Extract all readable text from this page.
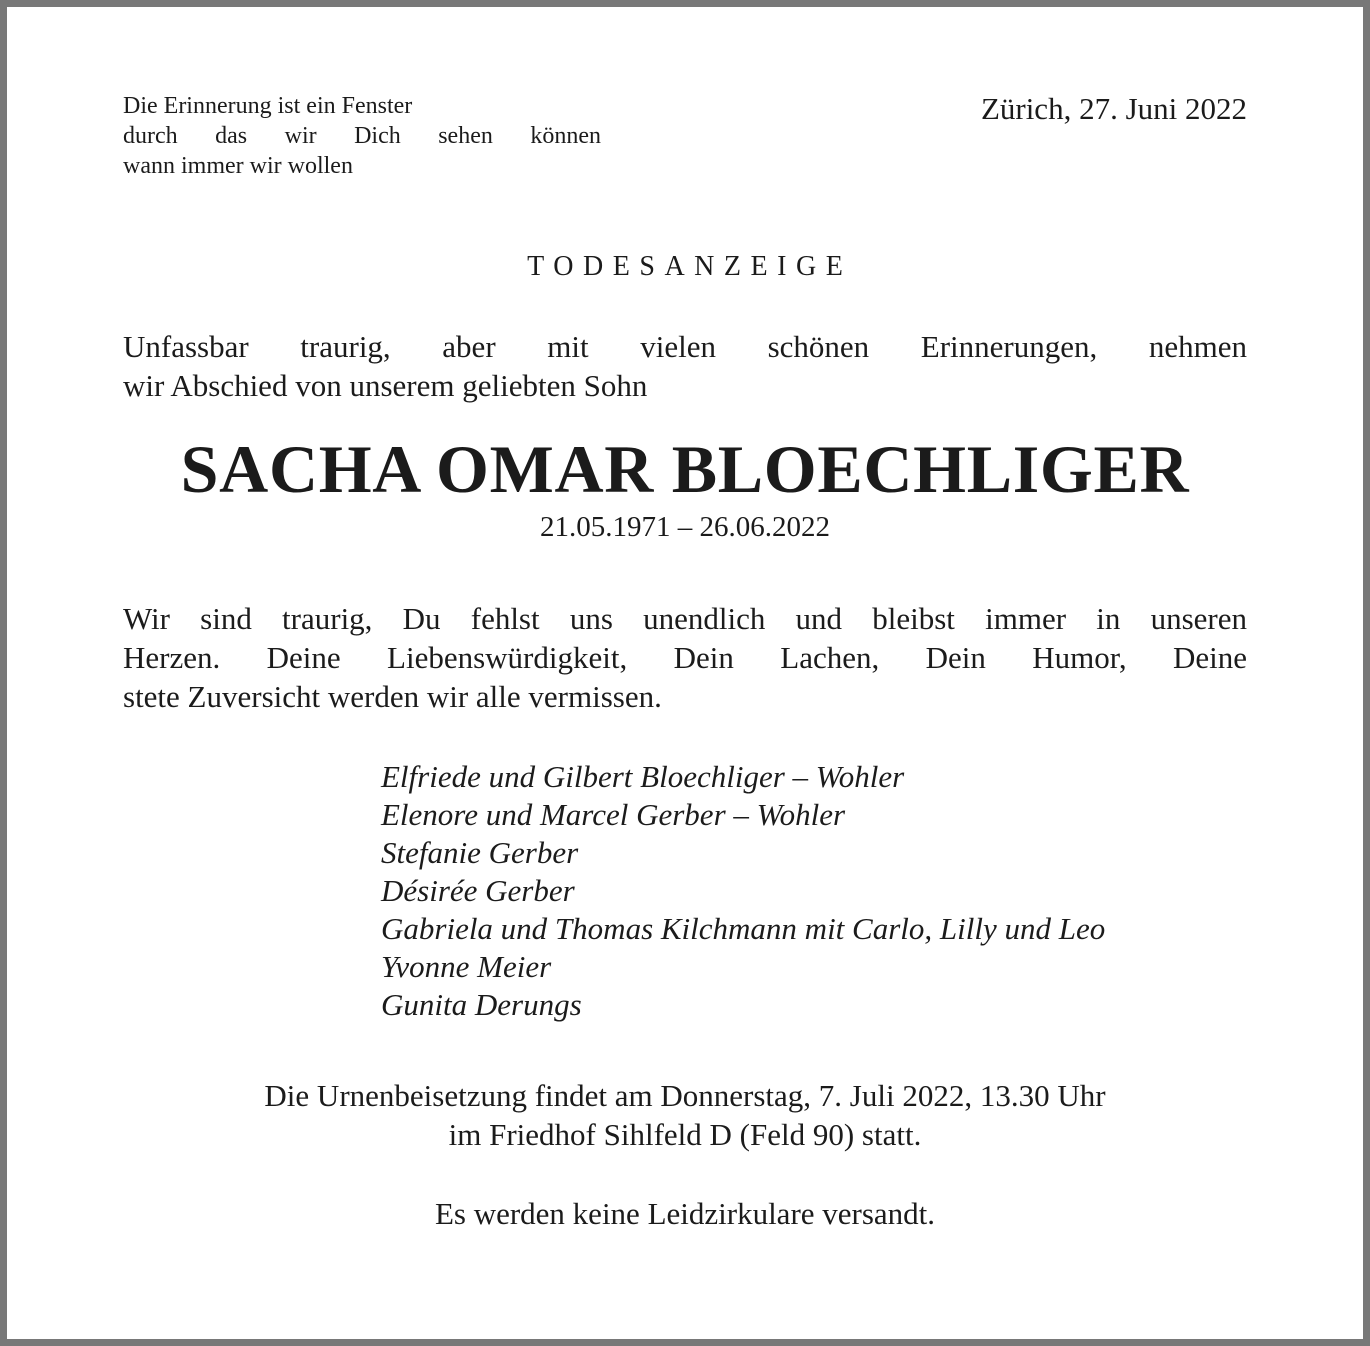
Die Erinnerung ist ein Fenster
durch das wir Dich sehen können
wann immer wir wollen
Zürich, 27. Juni 2022
TODESANZEIGE
Unfassbar traurig, aber mit vielen schönen Erinnerungen, nehmen
wir Abschied von unserem geliebten Sohn
SACHA OMAR BLOECHLIGER
21.05.1971 – 26.06.2022
Wir sind traurig, Du fehlst uns unendlich und bleibst immer in unseren
Herzen. Deine Liebenswürdigkeit, Dein Lachen, Dein Humor, Deine
stete Zuversicht werden wir alle vermissen.
Elfriede und Gilbert Bloechliger – Wohler
Elenore und Marcel Gerber – Wohler
Stefanie Gerber
Désirée Gerber
Gabriela und Thomas Kilchmann mit Carlo, Lilly und Leo
Yvonne Meier
Gunita Derungs
Die Urnenbeisetzung findet am Donnerstag, 7. Juli 2022, 13.30 Uhr
im Friedhof Sihlfeld D (Feld 90) statt.
Es werden keine Leidzirkulare versandt.
